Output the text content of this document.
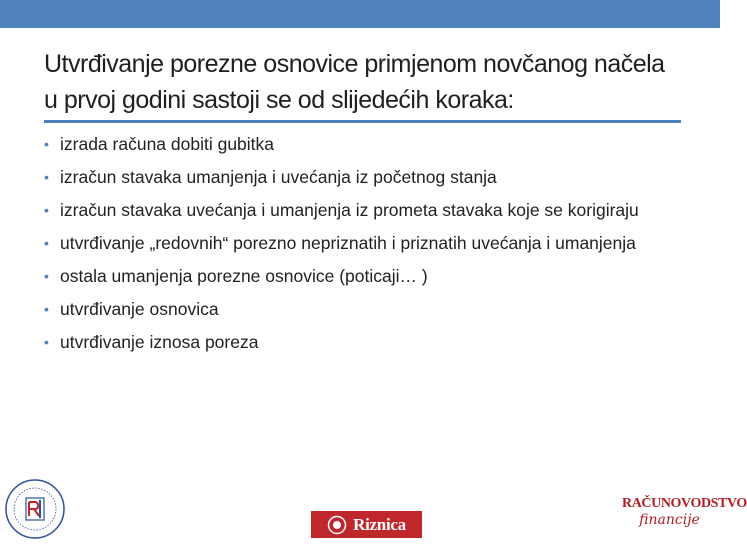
Utvrđivanje porezne osnovice primjenom novčanog načela u prvoj godini sastoji se od slijedećih koraka:
• izrada računa dobiti gubitka
• izračun stavaka umanjenja i uvećanja iz početnog stanja
• izračun stavaka uvećanja i umanjenja iz prometa stavaka koje se korigiraju
• utvrđivanje „redovnih“ porezno nepriznatih i priznatih uvećanja i umanjenja
• ostala umanjenja porezne osnovice (poticaji… )
• utvrđivanje osnovica
• utvrđivanje iznosa poreza
Riznica
RAČUNOVODSTVO
financije
